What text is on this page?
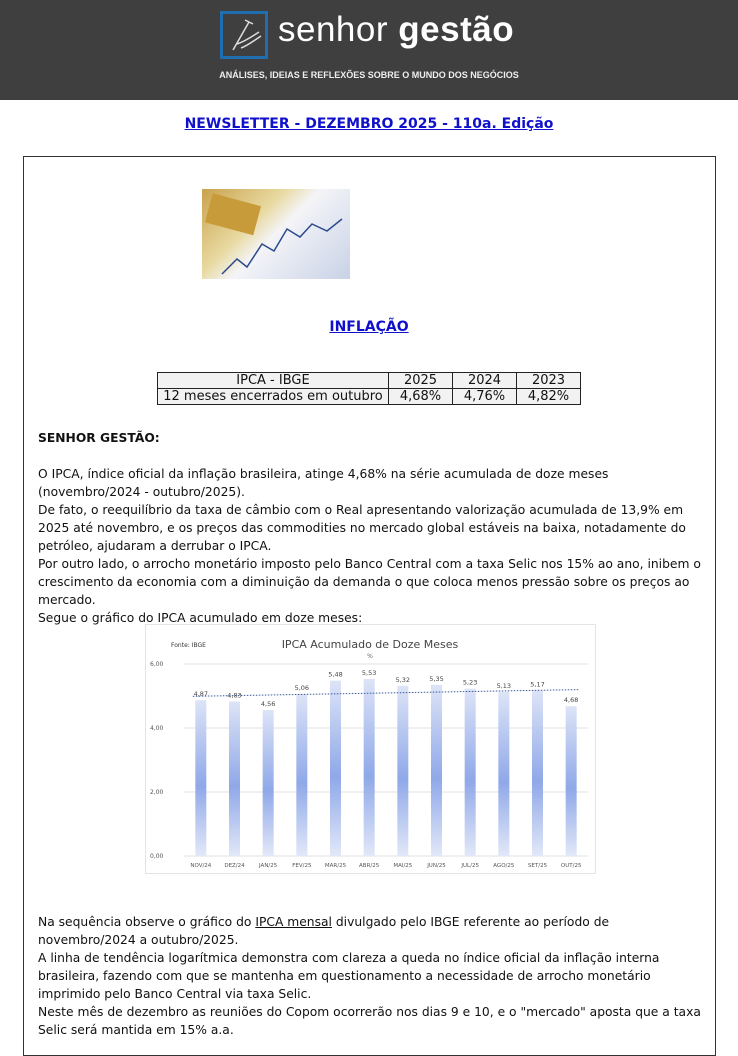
senhor gestão
ANÁLISES, IDEIAS E REFLEXÕES SOBRE O MUNDO DOS NEGÓCIOS
NEWSLETTER - DEZEMBRO 2025 - 110a. Edição
INFLAÇÃO
IPCA - IBGE	2025	2024	2023
12 meses encerrados em outubro	4,68%	4,76%	4,82%
SENHOR GESTÃO:
O IPCA, índice oficial da inflação brasileira, atinge 4,68% na série acumulada de doze meses (novembro/2024 - outubro/2025).
De fato, o reequilíbrio da taxa de câmbio com o Real apresentando valorização acumulada de 13,9% em 2025 até novembro, e os preços das commodities no mercado global estáveis na baixa, notadamente do petróleo, ajudaram a derrubar o IPCA.
Por outro lado, o arrocho monetário imposto pelo Banco Central com a taxa Selic nos 15% ao ano, inibem o crescimento da economia com a diminuição da demanda o que coloca menos pressão sobre os preços ao mercado.
Segue o gráfico do IPCA acumulado em doze meses:
Fonte: IBGE	IPCA Acumulado de Doze Meses
%
0,00
2,00
4,00
6,00
4,87
NOV/24
4,83
DEZ/24
4,56
JAN/25
5,06
FEV/25
5,48
MAR/25
5,53
ABR/25
5,32
MAI/25
5,35
JUN/25
5,23
JUL/25
5,13
AGO/25
5,17
SET/25
4,68
OUT/25
Na sequência observe o gráfico do IPCA mensal divulgado pelo IBGE referente ao período de novembro/2024 a outubro/2025.
A linha de tendência logarítmica demonstra com clareza a queda no índice oficial da inflação interna brasileira, fazendo com que se mantenha em questionamento a necessidade de arrocho monetário imprimido pelo Banco Central via taxa Selic.
Neste mês de dezembro as reuniões do Copom ocorrerão nos dias 9 e 10, e o "mercado" aposta que a taxa Selic será mantida em 15% a.a.
